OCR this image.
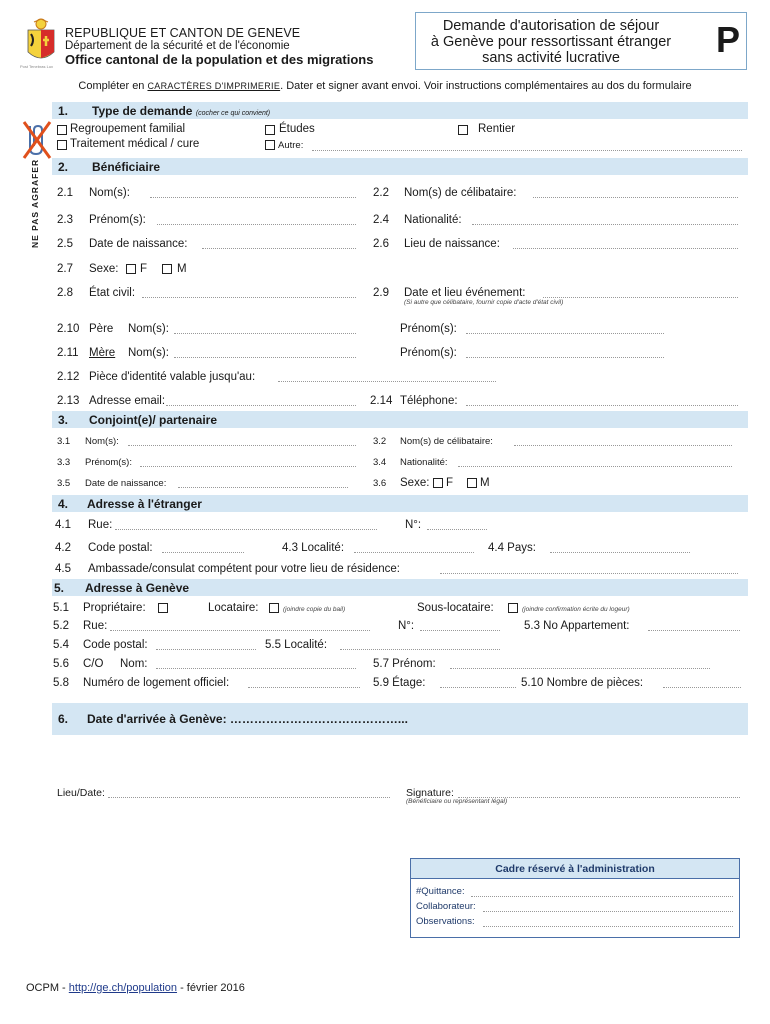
Post Tenebras Lux
REPUBLIQUE ET CANTON DE GENEVE
Département de la sécurité et de l'économie
Office cantonal de la population et des migrations
Demande d'autorisation de séjour
à Genève pour ressortissant étranger
sans activité lucrative	P
Compléter en CARACTÈRES D'IMPRIMERIE. Dater et signer avant envoi. Voir instructions complémentaires au dos du formulaire
NE PAS AGRAFER
1. Type de demande (cocher ce qui convient)
Regroupement familial
Traitement médical / cure
Études
Autre:
Rentier
2. Bénéficiaire
2.1 Nom(s):	2.2 Nom(s) de célibataire:
2.3 Prénom(s):	2.4 Nationalité:
2.5 Date de naissance:	2.6 Lieu de naissance:
2.7 Sexe: F	M
2.8 État civil:	2.9 Date et lieu événement:
(Si autre que célibataire, fournir copie d'acte d'état civil)
2.10 Père Nom(s):	Prénom(s):
2.11 Mère Nom(s):	Prénom(s):
2.12 Pièce d'identité valable jusqu'au:
2.13 Adresse email:	2.14 Téléphone:
3. Conjoint(e)/ partenaire
3.1 Nom(s):	3.2 Nom(s) de célibataire:
3.3 Prénom(s):	3.4 Nationalité:
3.5 Date de naissance:	3.6 Sexe: F M
4. Adresse à l'étranger
4.1 Rue:	N°:
4.2 Code postal:	4.3 Localité:	4.4 Pays:
4.5 Ambassade/consulat compétent pour votre lieu de résidence:
5. Adresse à Genève
5.1 Propriétaire:	Locataire:	(joindre copie du bail)	Sous-locataire:	(joindre confirmation écrite du logeur)
5.2 Rue:	N°:	5.3 No Appartement:
5.4 Code postal:	5.5 Localité:
5.6 C/O Nom:	5.7 Prénom:
5.8 Numéro de logement officiel:	5.9 Étage:	5.10 Nombre de pièces:
6. Date d'arrivée à Genève: ……………………………………...
Lieu/Date:	Signature:
(Bénéficiaire ou représentant légal)
Cadre réservé à l'administration
#Quittance:
Collaborateur:
Observations:
OCPM - http://ge.ch/population - février 2016
